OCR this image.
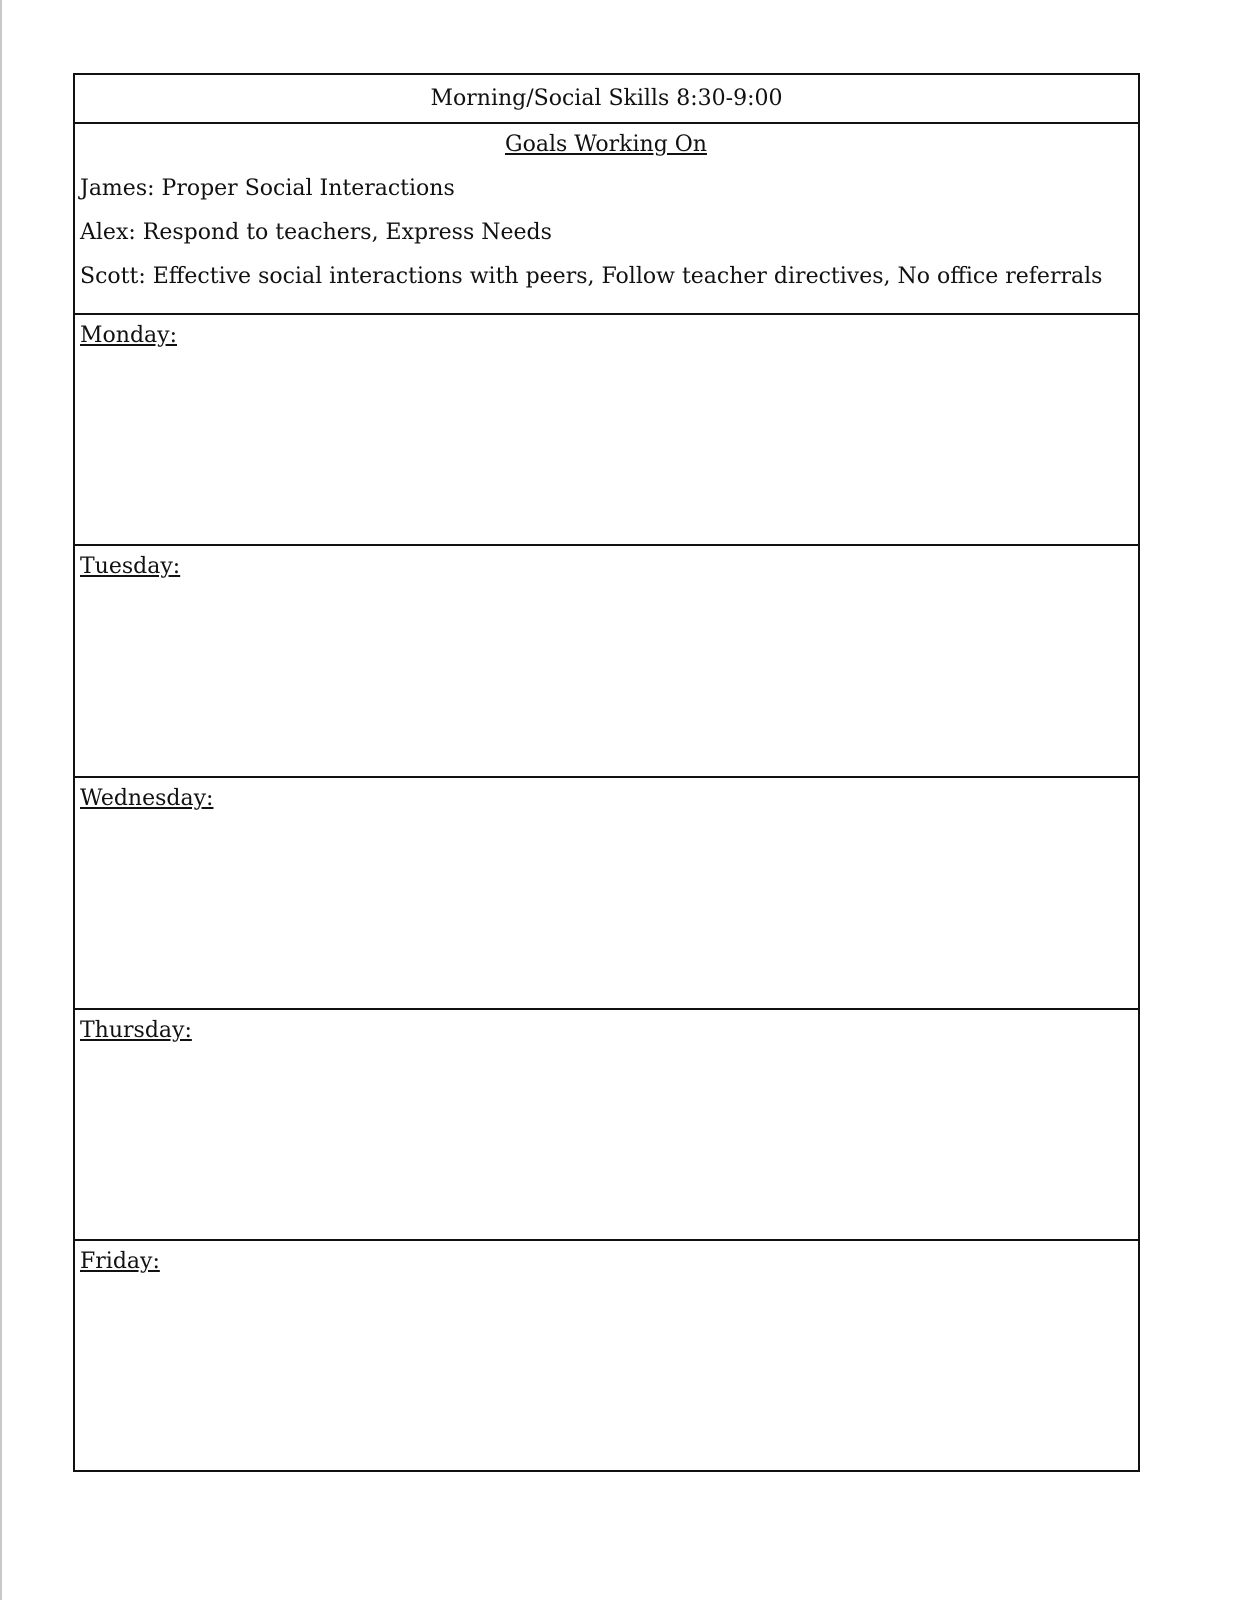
Morning/Social Skills 8:30-9:00
Goals Working On
James: Proper Social Interactions
Alex: Respond to teachers, Express Needs
Scott: Effective social interactions with peers, Follow teacher directives, No office referrals
Monday:
Tuesday:
Wednesday:
Thursday:
Friday:
